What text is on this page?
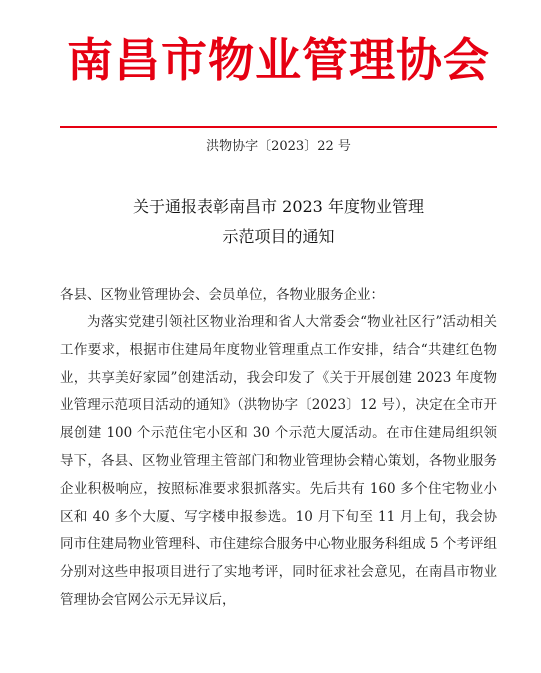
南昌市物业管理协会
洪物协字〔2023〕22 号
关于通报表彰南昌市 2023 年度物业管理
示范项目的通知
各县、区物业管理协会、会员单位，各物业服务企业：
为落实党建引领社区物业治理和省人大常委会“物业社区行”活动相关工作要求，根据市住建局年度物业管理重点工作安排，结合“共建红色物业，共享美好家园”创建活动，我会印发了《关于开展创建 2023 年度物业管理示范项目活动的通知》（洪物协字〔2023〕12 号），决定在全市开展创建 100 个示范住宅小区和 30 个示范大厦活动。在市住建局组织领导下，各县、区物业管理主管部门和物业管理协会精心策划，各物业服务企业积极响应，按照标准要求狠抓落实。先后共有 160 多个住宅物业小区和 40 多个大厦、写字楼申报参选。10 月下旬至 11 月上旬，我会协同市住建局物业管理科、市住建综合服务中心物业服务科组成 5 个考评组分别对这些申报项目进行了实地考评，同时征求社会意见，在南昌市物业管理协会官网公示无异议后，
